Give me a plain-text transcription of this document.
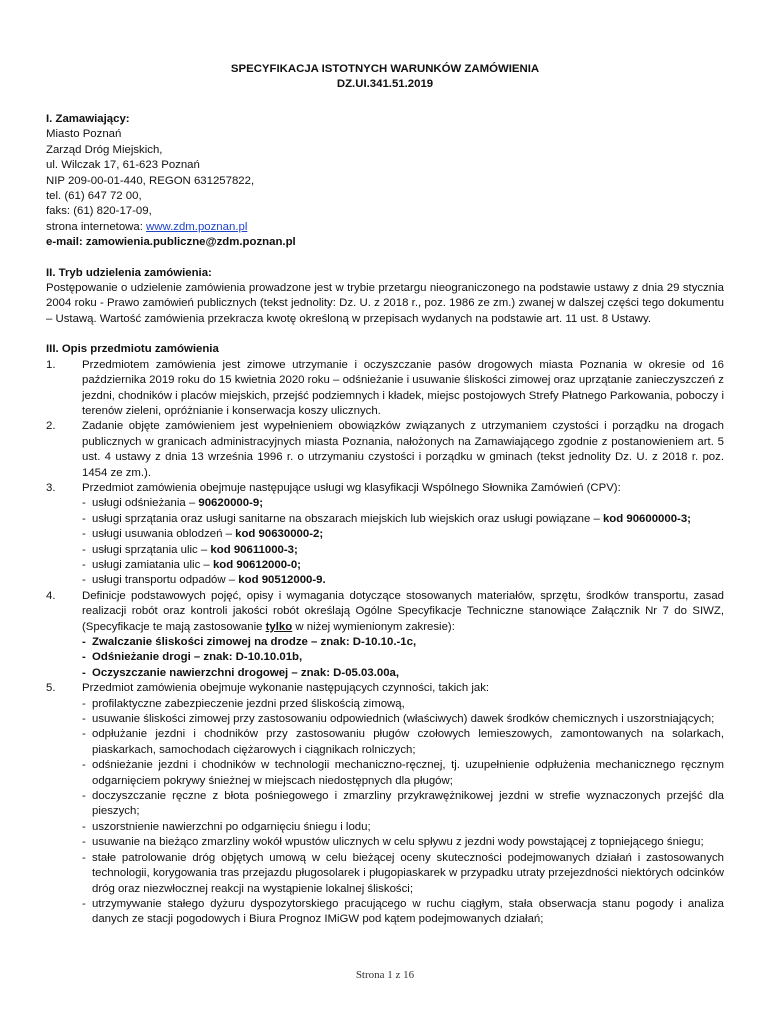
SPECYFIKACJA ISTOTNYCH WARUNKÓW ZAMÓWIENIA
DZ.UI.341.51.2019

I. Zamawiający:

Miasto Poznań

Zarząd Dróg Miejskich,

ul. Wilczak 17, 61-623 Poznań

NIP 209-00-01-440, REGON 631257822,

tel. (61) 647 72 00,

faks: (61) 820-17-09,

strona internetowa: www.zdm.poznan.pl

e-mail: zamowienia.publiczne@zdm.poznan.pl

II. Tryb udzielenia zamówienia:

Postępowanie o udzielenie zamówienia prowadzone jest w trybie przetargu nieograniczonego na podstawie ustawy z dnia 29 stycznia 2004 roku - Prawo zamówień publicznych (tekst jednolity: Dz. U. z 2018 r., poz. 1986 ze zm.) zwanej w dalszej części tego dokumentu – Ustawą. Wartość zamówienia przekracza kwotę określoną w przepisach wydanych na podstawie art. 11 ust. 8 Ustawy.

III. Opis przedmiotu zamówienia

1. Przedmiotem zamówienia jest zimowe utrzymanie i oczyszczanie pasów drogowych miasta Poznania w okresie od 16 października 2019 roku do 15 kwietnia 2020 roku – odśnieżanie i usuwanie śliskości zimowej oraz uprzątanie zanieczyszczeń z jezdni, chodników i placów miejskich, przejść podziemnych i kładek, miejsc postojowych Strefy Płatnego Parkowania, poboczy i terenów zieleni, opróżnianie i konserwacja koszy ulicznych.
2. Zadanie objęte zamówieniem jest wypełnieniem obowiązków związanych z utrzymaniem czystości i porządku na drogach publicznych w granicach administracyjnych miasta Poznania, nałożonych na Zamawiającego zgodnie z postanowieniem art. 5 ust. 4 ustawy z dnia 13 września 1996 r. o utrzymaniu czystości i porządku w gminach (tekst jednolity Dz. U. z 2018 r. poz. 1454 ze zm.).
3. Przedmiot zamówienia obejmuje następujące usługi wg klasyfikacji Wspólnego Słownika Zamówień (CPV):
- usługi odśnieżania – 90620000-9;
- usługi sprzątania oraz usługi sanitarne na obszarach miejskich lub wiejskich oraz usługi powiązane – kod 90600000-3;
- usługi usuwania oblodzeń – kod 90630000-2;
- usługi sprzątania ulic – kod 90611000-3;
- usługi zamiatania ulic – kod 90612000-0;
- usługi transportu odpadów – kod 90512000-9.
4. Definicje podstawowych pojęć, opisy i wymagania dotyczące stosowanych materiałów, sprzętu, środków transportu, zasad realizacji robót oraz kontroli jakości robót określają Ogólne Specyfikacje Techniczne stanowiące Załącznik Nr 7 do SIWZ, (Specyfikacje te mają zastosowanie tylko w niżej wymienionym zakresie):
- Zwalczanie śliskości zimowej na drodze – znak: D-10.10.-1c,
- Odśnieżanie drogi – znak: D-10.10.01b,
- Oczyszczanie nawierzchni drogowej – znak: D-05.03.00a,
5. Przedmiot zamówienia obejmuje wykonanie następujących czynności, takich jak:
- profilaktyczne zabezpieczenie jezdni przed śliskością zimową,
- usuwanie śliskości zimowej przy zastosowaniu odpowiednich (właściwych) dawek środków chemicznych i uszorstniających;
- odpłużanie jezdni i chodników przy zastosowaniu pługów czołowych lemieszowych, zamontowanych na solarkach, piaskarkach, samochodach ciężarowych i ciągnikach rolniczych;
- odśnieżanie jezdni i chodników w technologii mechaniczno-ręcznej, tj. uzupełnienie odpłużenia mechanicznego ręcznym odgarnięciem pokrywy śnieżnej w miejscach niedostępnych dla pługów;
- doczyszczanie ręczne z błota pośniegowego i zmarzliny przykrawężnikowej jezdni w strefie wyznaczonych przejść dla pieszych;
- uszorstnienie nawierzchni po odgarnięciu śniegu i lodu;
- usuwanie na bieżąco zmarzliny wokół wpustów ulicznych w celu spływu z jezdni wody powstającej z topniejącego śniegu;
- stałe patrolowanie dróg objętych umową w celu bieżącej oceny skuteczności podejmowanych działań i zastosowanych technologii, korygowania tras przejazdu pługosolarek i pługopiaskarek w przypadku utraty przejezdności niektórych odcinków dróg oraz niezwłocznej reakcji na wystąpienie lokalnej śliskości;
- utrzymywanie stałego dyżuru dyspozytorskiego pracującego w ruchu ciągłym, stała obserwacja stanu pogody i analiza danych ze stacji pogodowych i Biura Prognoz IMiGW pod kątem podejmowanych działań;
Strona 1 z 16
